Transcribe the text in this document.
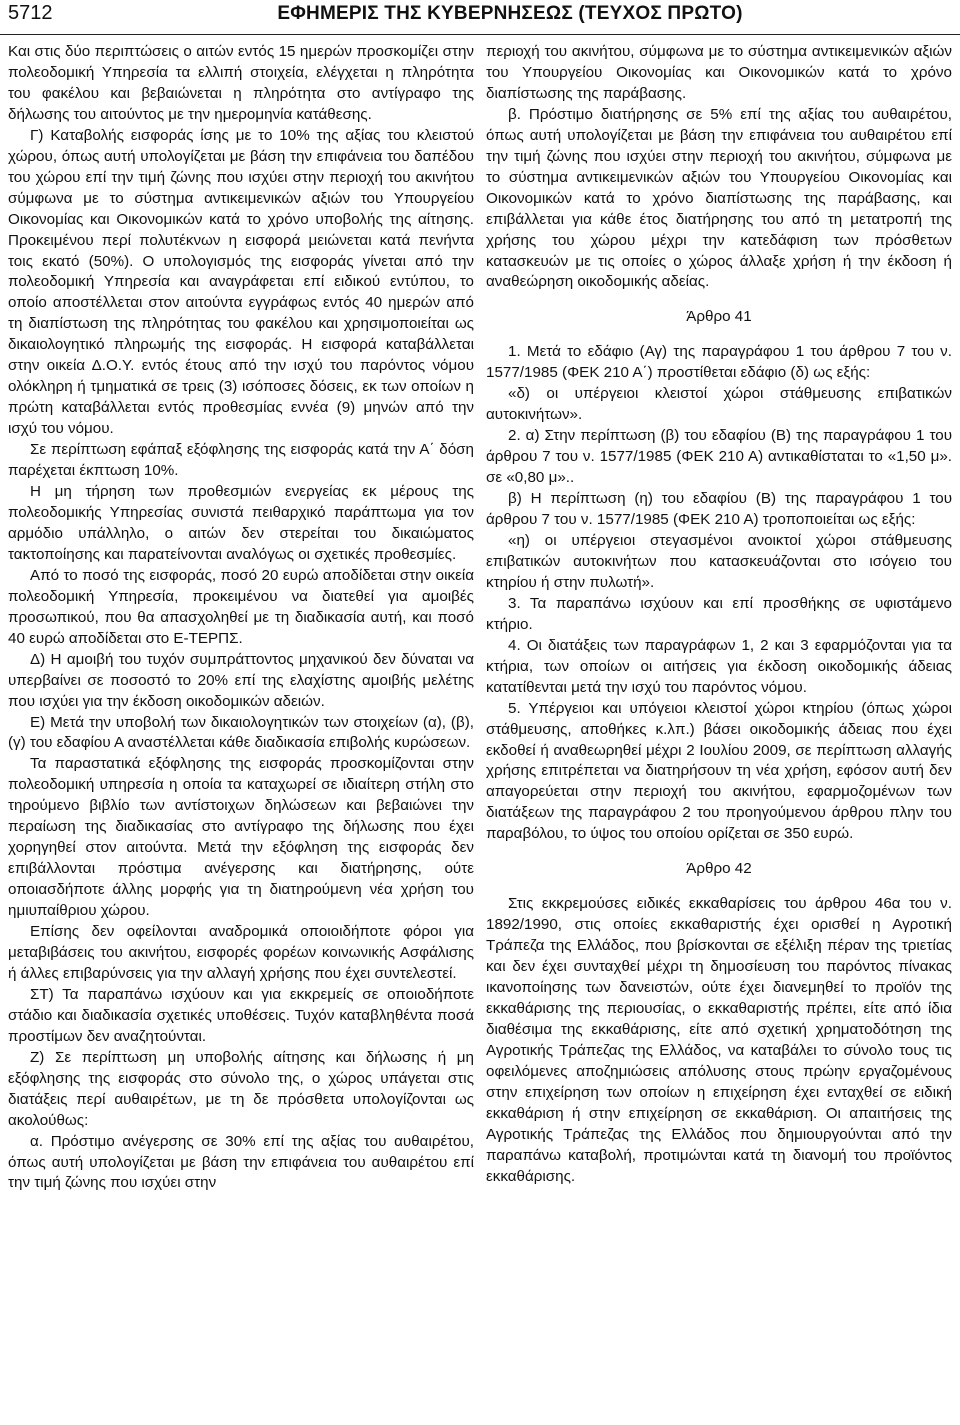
5712	ΕΦΗΜΕΡΙΣ ΤΗΣ ΚΥΒΕΡΝΗΣΕΩΣ (ΤΕΥΧΟΣ ΠΡΩΤΟ)

Και στις δύο περιπτώσεις ο αιτών εντός 15 ημερών προσκομίζει στην πολεοδομική Υπηρεσία τα ελλιπή στοιχεία, ελέγχεται η πληρότητα του φακέλου και βεβαιώνεται η πληρότητα στο αντίγραφο της δήλωσης του αιτούντος με την ημερομηνία κατάθεσης.

Γ) Καταβολής εισφοράς ίσης με το 10% της αξίας του κλειστού χώρου, όπως αυτή υπολογίζεται με βάση την επιφάνεια του δαπέδου του χώρου επί την τιμή ζώνης που ισχύει στην περιοχή του ακινήτου σύμφωνα με το σύστημα αντικειμενικών αξιών του Υπουργείου Οικονομίας και Οικονομικών κατά το χρόνο υποβολής της αίτησης. Προκειμένου περί πολυτέκνων η εισφορά μειώνεται κατά πενήντα τοις εκατό (50%). Ο υπολογισμός της εισφοράς γίνεται από την πολεοδομική Υπηρεσία και αναγράφεται επί ειδικού εντύπου, το οποίο αποστέλλεται στον αιτούντα εγγράφως εντός 40 ημερών από τη διαπίστωση της πληρότητας του φακέλου και χρησιμοποιείται ως δικαιολογητικό πληρωμής της εισφοράς. Η εισφορά καταβάλλεται στην οικεία Δ.Ο.Υ. εντός έτους από την ισχύ του παρόντος νόμου ολόκληρη ή τμηματικά σε τρεις (3) ισόποσες δόσεις, εκ των οποίων η πρώτη καταβάλλεται εντός προθεσμίας εννέα (9) μηνών από την ισχύ του νόμου.

Σε περίπτωση εφάπαξ εξόφλησης της εισφοράς κατά την Α΄ δόση παρέχεται έκπτωση 10%.

Η μη τήρηση των προθεσμιών ενεργείας εκ μέρους της πολεοδομικής Υπηρεσίας συνιστά πειθαρχικό παράπτωμα για τον αρμόδιο υπάλληλο, ο αιτών δεν στερείται του δικαιώματος τακτοποίησης και παρατείνονται αναλόγως οι σχετικές προθεσμίες.

Από το ποσό της εισφοράς, ποσό 20 ευρώ αποδίδεται στην οικεία πολεοδομική Υπηρεσία, προκειμένου να διατεθεί για αμοιβές προσωπικού, που θα απασχοληθεί με τη διαδικασία αυτή, και ποσό 40 ευρώ αποδίδεται στο Ε-ΤΕΡΠΣ.

Δ) Η αμοιβή του τυχόν συμπράττοντος μηχανικού δεν δύναται να υπερβαίνει σε ποσοστό το 20% επί της ελαχίστης αμοιβής μελέτης που ισχύει για την έκδοση οικοδομικών αδειών.

Ε) Μετά την υποβολή των δικαιολογητικών των στοιχείων (α), (β), (γ) του εδαφίου Α αναστέλλεται κάθε διαδικασία επιβολής κυρώσεων.

Τα παραστατικά εξόφλησης της εισφοράς προσκομίζονται στην πολεοδομική υπηρεσία η οποία τα καταχωρεί σε ιδιαίτερη στήλη στο τηρούμενο βιβλίο των αντίστοιχων δηλώσεων και βεβαιώνει την περαίωση της διαδικασίας στο αντίγραφο της δήλωσης που έχει χορηγηθεί στον αιτούντα. Μετά την εξόφληση της εισφοράς δεν επιβάλλονται πρόστιμα ανέγερσης και διατήρησης, ούτε οποιασδήποτε άλλης μορφής για τη διατηρούμενη νέα χρήση του ημιυπαίθριου χώρου.

Επίσης δεν οφείλονται αναδρομικά οποιοιδήποτε φόροι για μεταβιβάσεις του ακινήτου, εισφορές φορέων κοινωνικής Ασφάλισης ή άλλες επιβαρύνσεις για την αλλαγή χρήσης που έχει συντελεστεί.

ΣΤ) Τα παραπάνω ισχύουν και για εκκρεμείς σε οποιοδήποτε στάδιο και διαδικασία σχετικές υποθέσεις. Τυχόν καταβληθέντα ποσά προστίμων δεν αναζητούνται.

Ζ) Σε περίπτωση μη υποβολής αίτησης και δήλωσης ή μη εξόφλησης της εισφοράς στο σύνολο της, ο χώρος υπάγεται στις διατάξεις περί αυθαιρέτων, με τη δε πρόσθετα υπολογίζονται ως ακολούθως:

α. Πρόστιμο ανέγερσης σε 30% επί της αξίας του αυθαιρέτου, όπως αυτή υπολογίζεται με βάση την επιφάνεια του αυθαιρέτου επί την τιμή ζώνης που ισχύει στην

περιοχή του ακινήτου, σύμφωνα με το σύστημα αντικειμενικών αξιών του Υπουργείου Οικονομίας και Οικονομικών κατά το χρόνο διαπίστωσης της παράβασης.

β. Πρόστιμο διατήρησης σε 5% επί της αξίας του αυθαιρέτου, όπως αυτή υπολογίζεται με βάση την επιφάνεια του αυθαιρέτου επί την τιμή ζώνης που ισχύει στην περιοχή του ακινήτου, σύμφωνα με το σύστημα αντικειμενικών αξιών του Υπουργείου Οικονομίας και Οικονομικών κατά το χρόνο διαπίστωσης της παράβασης, και επιβάλλεται για κάθε έτος διατήρησης του από τη μετατροπή της χρήσης του χώρου μέχρι την κατεδάφιση των πρόσθετων κατασκευών με τις οποίες ο χώρος άλλαξε χρήση ή την έκδοση ή αναθεώρηση οικοδομικής αδείας.

Άρθρο 41

1. Μετά το εδάφιο (Αγ) της παραγράφου 1 του άρθρου 7 του ν. 1577/1985 (ΦΕΚ 210 Α΄) προστίθεται εδάφιο (δ) ως εξής:

«δ) οι υπέργειοι κλειστοί χώροι στάθμευσης επιβατικών αυτοκινήτων».

2. α) Στην περίπτωση (β) του εδαφίου (Β) της παραγράφου 1 του άρθρου 7 του ν. 1577/1985 (ΦΕΚ 210 Α) αντικαθίσταται το «1,50 μ». σε «0,80 μ»..

β) Η περίπτωση (η) του εδαφίου (Β) της παραγράφου 1 του άρθρου 7 του ν. 1577/1985 (ΦΕΚ 210 Α) τροποποιείται ως εξής:

«η) οι υπέργειοι στεγασμένοι ανοικτοί χώροι στάθμευσης επιβατικών αυτοκινήτων που κατασκευάζονται στο ισόγειο του κτηρίου ή στην πυλωτή».

3. Τα παραπάνω ισχύουν και επί προσθήκης σε υφιστάμενο κτήριο.

4. Οι διατάξεις των παραγράφων 1, 2 και 3 εφαρμόζονται για τα κτήρια, των οποίων οι αιτήσεις για έκδοση οικοδομικής άδειας κατατίθενται μετά την ισχύ του παρόντος νόμου.

5. Υπέργειοι και υπόγειοι κλειστοί χώροι κτηρίου (όπως χώροι στάθμευσης, αποθήκες κ.λπ.) βάσει οικοδομικής άδειας που έχει εκδοθεί ή αναθεωρηθεί μέχρι 2 Ιουλίου 2009, σε περίπτωση αλλαγής χρήσης επιτρέπεται να διατηρήσουν τη νέα χρήση, εφόσον αυτή δεν απαγορεύεται στην περιοχή του ακινήτου, εφαρμοζομένων των διατάξεων της παραγράφου 2 του προηγούμενου άρθρου πλην του παραβόλου, το ύψος του οποίου ορίζεται σε 350 ευρώ.

Άρθρο 42

Στις εκκρεμούσες ειδικές εκκαθαρίσεις του άρθρου 46α του ν. 1892/1990, στις οποίες εκκαθαριστής έχει ορισθεί η Αγροτική Τράπεζα της Ελλάδος, που βρίσκονται σε εξέλιξη πέραν της τριετίας και δεν έχει συνταχθεί μέχρι τη δημοσίευση του παρόντος πίνακας ικανοποίησης των δανειστών, ούτε έχει διανεμηθεί το προϊόν της εκκαθάρισης της περιουσίας, ο εκκαθαριστής πρέπει, είτε από ίδια διαθέσιμα της εκκαθάρισης, είτε από σχετική χρηματοδότηση της Αγροτικής Τράπεζας της Ελλάδος, να καταβάλει το σύνολο τους τις οφειλόμενες αποζημιώσεις απόλυσης στους πρώην εργαζομένους στην επιχείρηση των οποίων η επιχείρηση έχει ενταχθεί σε ειδική εκκαθάριση ή στην επιχείρηση σε εκκαθάριση. Οι απαιτήσεις της Αγροτικής Τράπεζας της Ελλάδος που δημιουργούνται από την παραπάνω καταβολή, προτιμώνται κατά τη διανομή του προϊόντος εκκαθάρισης.
